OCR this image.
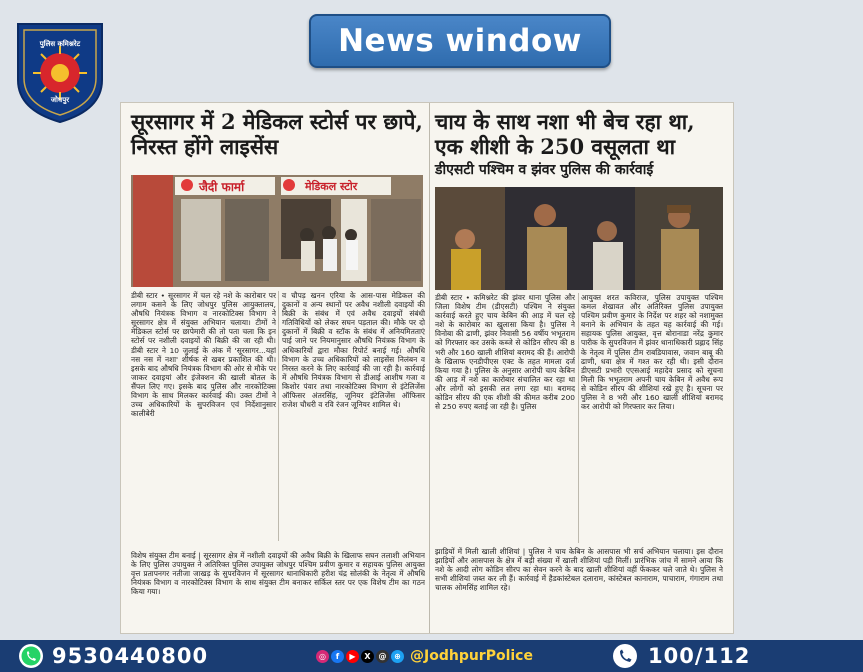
पुलिस कमिश्नरेट
जोधपुर
News window
सूरसागर में 2 मेडिकल स्टोर्स पर छापे, निरस्त होंगे लाइसेंस
जैदी फार्मा	मेडिकल स्टोर
डीबी स्टार • सूरसागर में चल रहे नशे के कारोबार पर लगाम कसने के लिए जोधपुर पुलिस आयुक्तालय, औषधि नियंत्रक विभाग व नारकोटिक्स विभाग ने सूरसागर क्षेत्र में संयुक्त अभियान चलाया। टीमों ने मेडिकल स्टोर्स पर छापेमारी की तो पता चला कि इन स्टोर्स पर नशीली दवाइयों की बिक्री की जा रही थी। डीबी स्टार ने 10 जुलाई के अंक में 'सूरसागर...यहां नस नस में नशा' शीर्षक से खबर प्रकाशित की थी। इसके बाद औषधि नियंत्रक विभाग की ओर से मौके पर जाकर दवाइयां और इंजेक्शन की खाली बोतल के सैंपल लिए गए। इसके बाद पुलिस और नारकोटिक्स विभाग के साथ मिलकर कार्रवाई की। उक्त टीमों ने उच्च अधिकारियों के सुपरविजन एवं निर्देशानुसार कालीबेरी
व चौपड़ खनन एरिया के आस-पास मेडिकल की दुकानों व अन्य स्थानों पर अवैध नशीली दवाइयों की बिक्री के संबंध में एवं अवैध दवाइयों संबंधी गतिविधियों को लेकर सघन पड़ताल की। मौके पर दो दुकानों में बिक्री व स्टॉक के संबंध में अनियमितताएं पाई जाने पर नियमानुसार औषधि नियंत्रक विभाग के अधिकारियों द्वारा मौका रिपोर्ट बनाई गई। औषधि विभाग के उच्च अधिकारियों को लाइसेंस निलंबन व निरस्त करने के लिए कार्रवाई की जा रही है। कार्रवाई में औषधि नियंत्रक विभाग से डीआई आशीष गजा व किशोर पंवार तथा नारकोटिक्स विभाग से इंटेलिजेंस ऑफिसर अंतरसिंह, जूनियर इंटेलिजेंस ऑफिसर राजेश चौधरी व रवि रंजन जूनियर शामिल थे।
विशेष संयुक्त टीम बनाई | सूरसागर क्षेत्र में नशीली दवाइयों की अवैध बिक्री के खिलाफ सघन तलाशी अभियान के लिए पुलिस उपायुक्त ने अतिरिक्त पुलिस उपायुक्त जोधपुर पश्चिम प्रवीण कुमार व सहायक पुलिस आयुक्त वृत्त प्रतापनगर नतीजा जाखड़ के सुपरविजन में सूरसागर थानाधिकारी हरीश चंद्र सोलंकी के नेतृत्व में औषधि नियंत्रक विभाग व नारकोटिक्स विभाग के साथ संयुक्त टीम बनाकर सर्किल स्तर पर एक विशेष टीम का गठन किया गया।
चाय के साथ नशा भी बेच रहा था, एक शीशी के 250 वसूलता था
डीएसटी पश्चिम व झंवर पुलिस की कार्रवाई
डीबी स्टार • कमिश्नरेट की झंवर थाना पुलिस और जिला विशेष टीम (डीएसटी) पश्चिम ने संयुक्त कार्रवाई करते हुए चाय केबिन की आड़ में चल रहे नशे के कारोबार का खुलासा किया है। पुलिस ने विनोबा की ढाणी, झंवर निवासी 56 वर्षीय भभूतराम को गिरफ्तार कर उसके कब्जे से कोडिन सीरप की 8 भरी और 160 खाली शीशियां बरामद की हैं। आरोपी के खिलाफ एनडीपीएस एक्ट के तहत मामला दर्ज किया गया है। पुलिस के अनुसार आरोपी चाय केबिन की आड़ में नशे का कारोबार संचालित कर रहा था और लोगों को इसकी लत लगा रहा था। बरामद कोडिन सीरप की एक शीशी की कीमत करीब 200 से 250 रुपए बताई जा रही है। पुलिस
आयुक्त शरत कविराज, पुलिस उपायुक्त पश्चिम कमल शेखावत और अतिरिक्त पुलिस उपायुक्त पश्चिम प्रवीण कुमार के निर्देश पर शहर को नशामुक्त बनाने के अभियान के तहत यह कार्रवाई की गई। सहायक पुलिस आयुक्त, वृत्त बोरानाडा नरेंद्र कुमार पारीक के सुपरविजन में झंवर थानाधिकारी प्रह्लाद सिंह के नेतृत्व में पुलिस टीम राबडियावास, जवान बाबू की ढाणी, धवा क्षेत्र में गश्त कर रही थी। इसी दौरान डीएसटी प्रभारी एएसआई महादेव प्रसाद को सूचना मिली कि भभूतराम अपनी चाय केबिन में अवैध रूप से कोडिन सीरप की शीशियां रखे हुए है। सूचना पर पुलिस ने 8 भरी और 160 खाली शीशियां बरामद कर आरोपी को गिरफ्तार कर लिया।
झाड़ियों में मिली खाली शीशियां | पुलिस ने चाय केबिन के आसपास भी सर्च अभियान चलाया। इस दौरान झाड़ियों और आसपास के क्षेत्र में बड़ी संख्या में खाली शीशियां पड़ी मिलीं। प्रारंभिक जांच में सामने आया कि नशे के आदी लोग कोडिन सीरप का सेवन करने के बाद खाली शीशियां वहीं फेंककर चले जाते थे। पुलिस ने सभी शीशियां जब्त कर ली हैं। कार्रवाई में हैडकांस्टेबल दलाराम, कांस्टेबल कानाराम, पाचाराम, गंगाराम तथा चालक ओमसिंह शामिल रहे।
9530440800	◎	f	▶	X @ ⊕ @JodhpurPolice	100/112
